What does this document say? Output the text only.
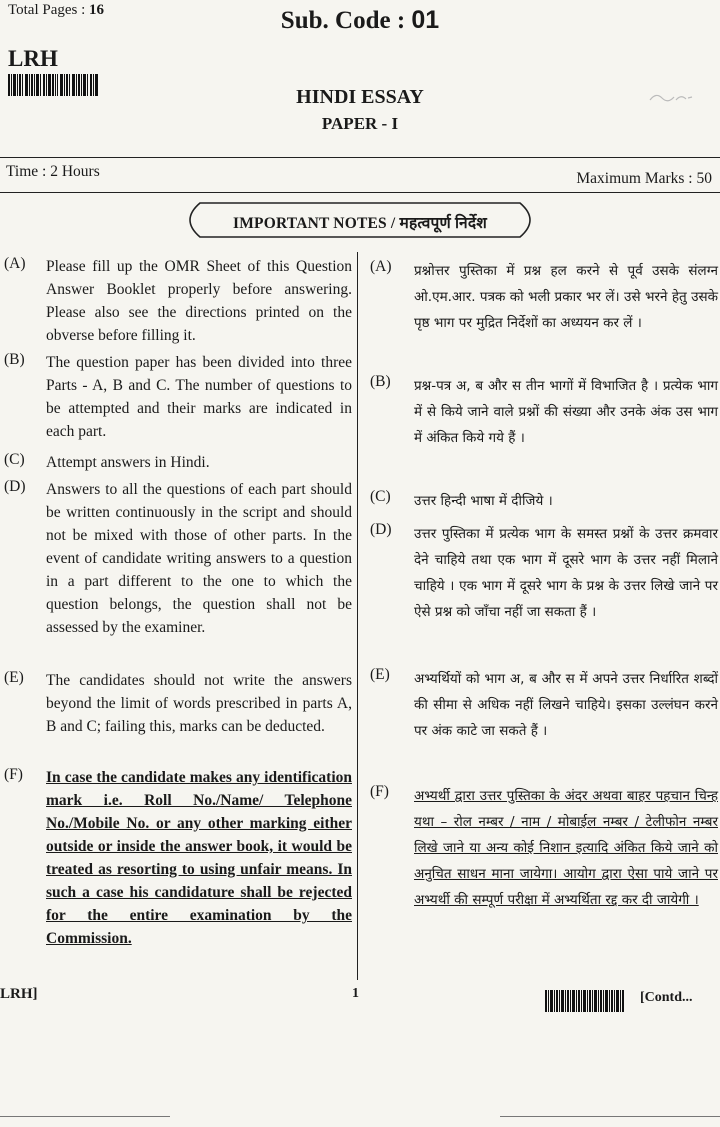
Total Pages : 16	Sub. Code : 01
LRH
HINDI ESSAY
PAPER - I
Time : 2 Hours	Maximum Marks : 50
IMPORTANT NOTES / महत्वपूर्ण निर्देश
(A) Please fill up the OMR Sheet of this Question Answer Booklet properly before answering. Please also see the directions printed on the obverse before filling it.
(B) The question paper has been divided into three Parts - A, B and C. The number of questions to be attempted and their marks are indicated in each part.
(C) Attempt answers in Hindi.
(D) Answers to all the questions of each part should be written continuously in the script and should not be mixed with those of other parts. In the event of candidate writing answers to a question in a part different to the one to which the question belongs, the question shall not be assessed by the examiner.
(E) The candidates should not write the answers beyond the limit of words prescribed in parts A, B and C; failing this, marks can be deducted.
(F) In case the candidate makes any identification mark i.e. Roll No./Name/ Telephone No./Mobile No. or any other marking either outside or inside the answer book, it would be treated as resorting to using unfair means. In such a case his candidature shall be rejected for the entire examination by the Commission.
(A) प्रश्नोत्तर पुस्तिका में प्रश्न हल करने से पूर्व उसके संलग्न ओ.एम.आर. पत्रक को भली प्रकार भर लें। उसे भरने हेतु उसके पृष्ठ भाग पर मुद्रित निर्देशों का अध्ययन कर लें ।
(B) प्रश्न-पत्र अ, ब और स तीन भागों में विभाजित है । प्रत्येक भाग में से किये जाने वाले प्रश्नों की संख्या और उनके अंक उस भाग में अंकित किये गये हैं ।
(C) उत्तर हिन्दी भाषा में दीजिये ।
(D) उत्तर पुस्तिका में प्रत्येक भाग के समस्त प्रश्नों के उत्तर क्रमवार देने चाहिये तथा एक भाग में दूसरे भाग के उत्तर नहीं मिलाने चाहिये । एक भाग में दूसरे भाग के प्रश्न के उत्तर लिखे जाने पर ऐसे प्रश्न को जाँचा नहीं जा सकता हैं ।
(E) अभ्यर्थियों को भाग अ, ब और स में अपने उत्तर निर्धारित शब्दों की सीमा से अधिक नहीं लिखने चाहिये। इसका उल्लंघन करने पर अंक काटे जा सकते हैं ।
(F) अभ्यर्थी द्वारा उत्तर पुस्तिका के अंदर अथवा बाहर पहचान चिन्ह यथा – रोल नम्बर / नाम / मोबाईल नम्बर / टेलीफोन नम्बर लिखे जाने या अन्य कोई निशान इत्यादि अंकित किये जाने को अनुचित साधन माना जायेगा। आयोग द्वारा ऐसा पाये जाने पर अभ्यर्थी की सम्पूर्ण परीक्षा में अभ्यर्थिता रद्द कर दी जायेगी ।
LRH]	1	[Contd...
